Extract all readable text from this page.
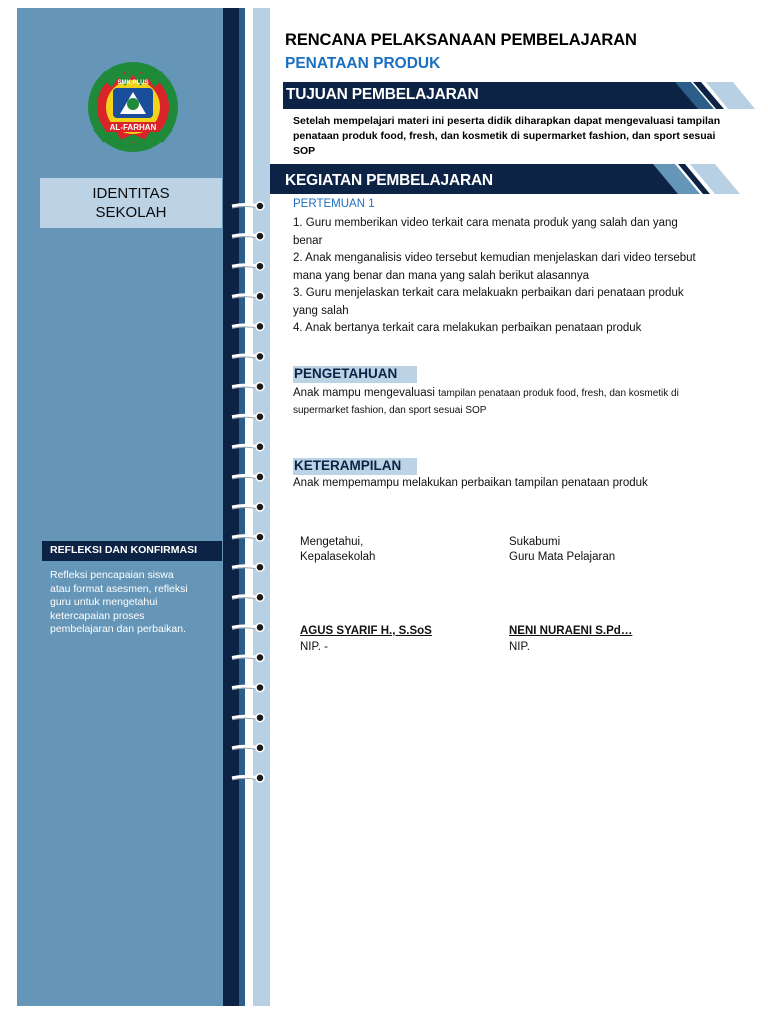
SMK PLUS
AL-FARHAN
IDENTITAS
SEKOLAH
REFLEKSI DAN KONFIRMASI
Refleksi pencapaian siswa
atau format asesmen, refleksi
guru untuk mengetahui
ketercapaian proses
pembelajaran dan perbaikan.
RENCANA PELAKSANAAN PEMBELAJARAN
PENATAAN PRODUK
TUJUAN PEMBELAJARAN
Setelah mempelajari materi ini peserta didik diharapkan dapat mengevaluasi tampilan
penataan produk food, fresh, dan kosmetik di supermarket fashion, dan sport sesuai
SOP
KEGIATAN PEMBELAJARAN
PERTEMUAN 1
1. Guru memberikan video terkait cara menata produk yang salah dan yang
benar
2. Anak menganalisis video tersebut kemudian menjelaskan dari video tersebut
mana yang benar dan mana yang salah berikut alasannya
3. Guru menjelaskan terkait cara melakuakn perbaikan dari penataan produk
yang salah
4. Anak bertanya terkait cara melakukan perbaikan penataan produk
PENGETAHUAN
Anak mampu mengevaluasi tampilan penataan produk food, fresh, dan kosmetik di
supermarket fashion, dan sport sesuai SOP
KETERAMPILAN
Anak mempemampu melakukan perbaikan tampilan penataan produk
Mengetahui,
Kepalasekolah
Sukabumi
Guru Mata Pelajaran
AGUS SYARIF H., S.SoS
NIP. -
NENI NURAENI S.Pd…
NIP.
